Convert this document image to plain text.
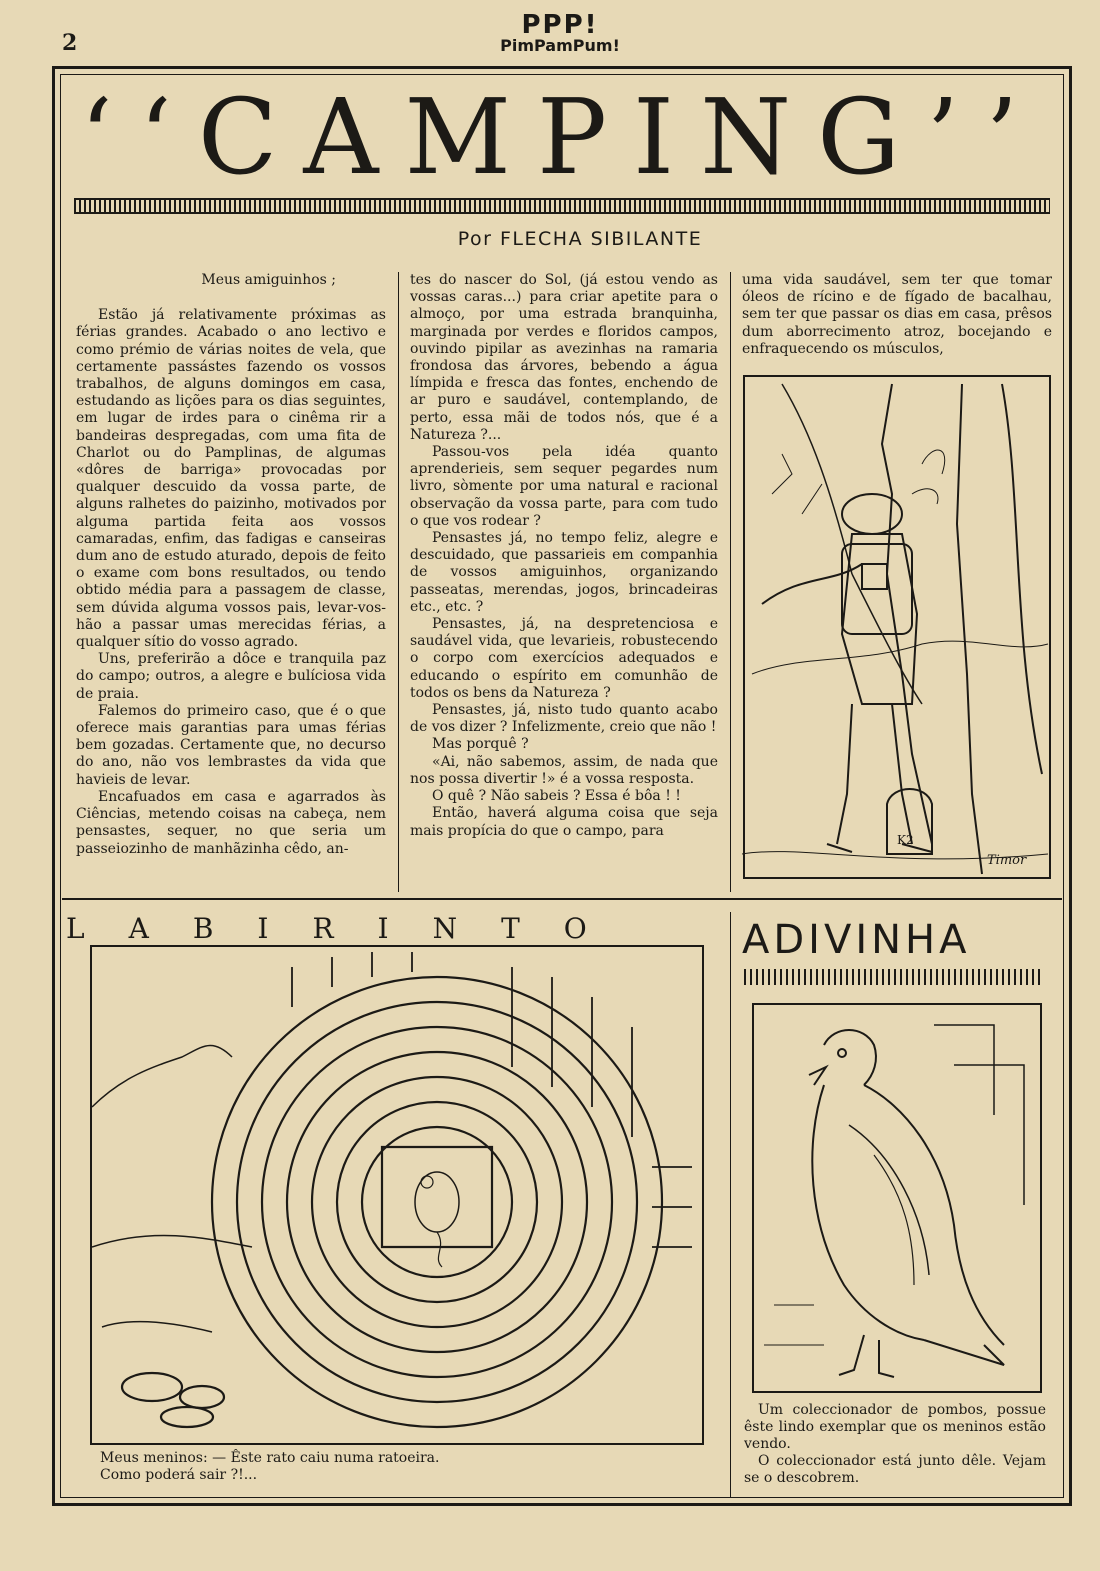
2
PPP!
PimPamPum!
‘‘CAMPING’’
Por FLECHA SIBILANTE

Meus amiguinhos ;

Estão já relativamente próximas as férias grandes. Acabado o ano lectivo e como prémio de várias noites de vela, que certamente passástes fazendo os vossos trabalhos, de alguns domingos em casa, estudando as lições para os dias seguintes, em lugar de irdes para o cinêma rir a bandeiras despregadas, com uma fita de Charlot ou do Pamplinas, de algumas «dôres de barriga» provocadas por qualquer descuido da vossa parte, de alguns ralhetes do paizinho, motivados por alguma partida feita aos vossos camaradas, enfim, das fadigas e canseiras dum ano de estudo aturado, depois de feito o exame com bons resultados, ou tendo obtido média para a passagem de classe, sem dúvida alguma vossos pais, levar-vos-hão a passar umas merecidas férias, a qualquer sítio do vosso agrado.

Uns, preferirão a dôce e tranquila paz do campo; outros, a alegre e bulíciosa vida de praia.

Falemos do primeiro caso, que é o que oferece mais garantias para umas férias bem gozadas. Certamente que, no decurso do ano, não vos lembrastes da vida que havieis de levar.

Encafuados em casa e agarrados às Ciências, metendo coisas na cabeça, nem pensastes, sequer, no que seria um passeiozinho de manhãzinha cêdo, an-

tes do nascer do Sol, (já estou vendo as vossas caras...) para criar apetite para o almoço, por uma estrada branquinha, marginada por verdes e floridos campos, ouvindo pipilar as avezinhas na ramaria frondosa das árvores, bebendo a água límpida e fresca das fontes, enchendo de ar puro e saudável, contemplando, de perto, essa mãi de todos nós, que é a Natureza ?...

Passou-vos pela idéa quanto aprenderieis, sem sequer pegardes num livro, sòmente por uma natural e racional observação da vossa parte, para com tudo o que vos rodear ?

Pensastes já, no tempo feliz, alegre e descuidado, que passarieis em companhia de vossos amiguinhos, organizando passeatas, merendas, jogos, brincadeiras etc., etc. ?

Pensastes, já, na despretenciosa e saudável vida, que levarieis, robustecendo o corpo com exercícios adequados e educando o espírito em comunhão de todos os bens da Natureza ?

Pensastes, já, nisto tudo quanto acabo de vos dizer ? Infelizmente, creio que não !

Mas porquê ?

«Ai, não sabemos, assim, de nada que nos possa divertir !» é a vossa resposta.

O quê ? Não sabeis ? Essa é bôa ! !

Então, haverá alguma coisa que seja mais propícia do que o campo, para

uma vida saudável, sem ter que tomar óleos de rícino e de fígado de bacalhau, sem ter que passar os dias em casa, prêsos dum aborrecimento atroz, bocejando e enfraquecendo os músculos,

K2
Timor
LABIRINTO
Meus meninos: — Êste rato caiu numa ratoeira.
Como poderá sair ?!...
ADIVINHA

Um coleccionador de pombos, possue êste lindo exemplar que os meninos estão vendo.

O coleccionador está junto dêle. Vejam se o descobrem.
